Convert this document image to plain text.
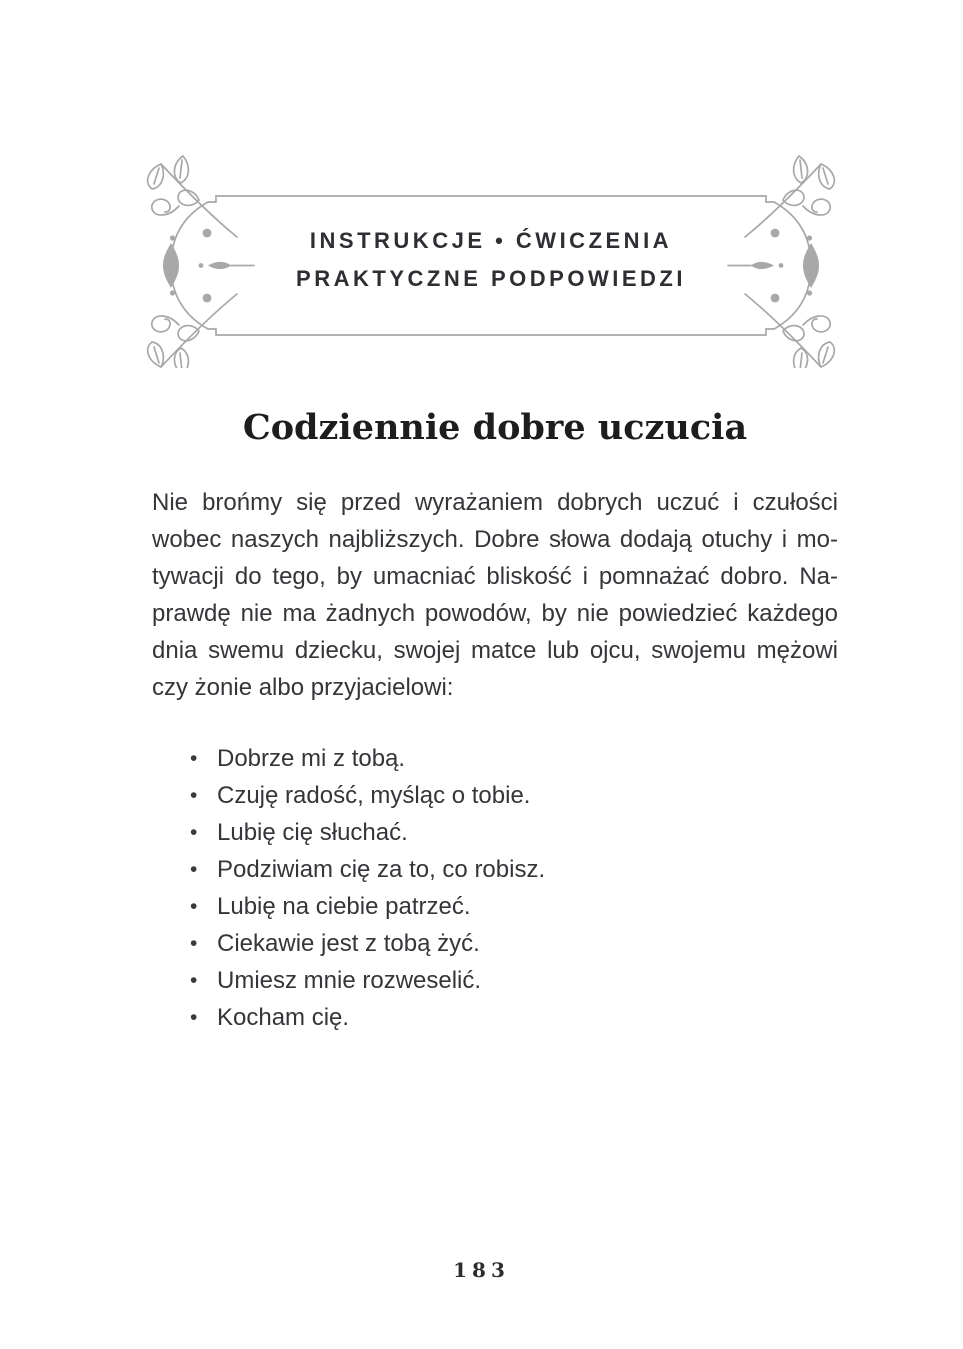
INSTRUKCJE • ĆWICZENIA
PRAKTYCZNE PODPOWIEDZI
Codziennie dobre uczucia
Nie brońmy się przed wyrażaniem dobrych uczuć i czułości
wobec naszych najbliższych. Dobre słowa dodają otuchy i mo-
tywacji do tego, by umacniać bliskość i pomnażać dobro. Na-
prawdę nie ma żadnych powodów, by nie powiedzieć każdego
dnia swemu dziecku, swojej matce lub ojcu, swojemu mężowi
czy żonie albo przyjacielowi:
• Dobrze mi z tobą.
• Czuję radość, myśląc o tobie.
• Lubię cię słuchać.
• Podziwiam cię za to, co robisz.
• Lubię na ciebie patrzeć.
• Ciekawie jest z tobą żyć.
• Umiesz mnie rozweselić.
• Kocham cię.
183
